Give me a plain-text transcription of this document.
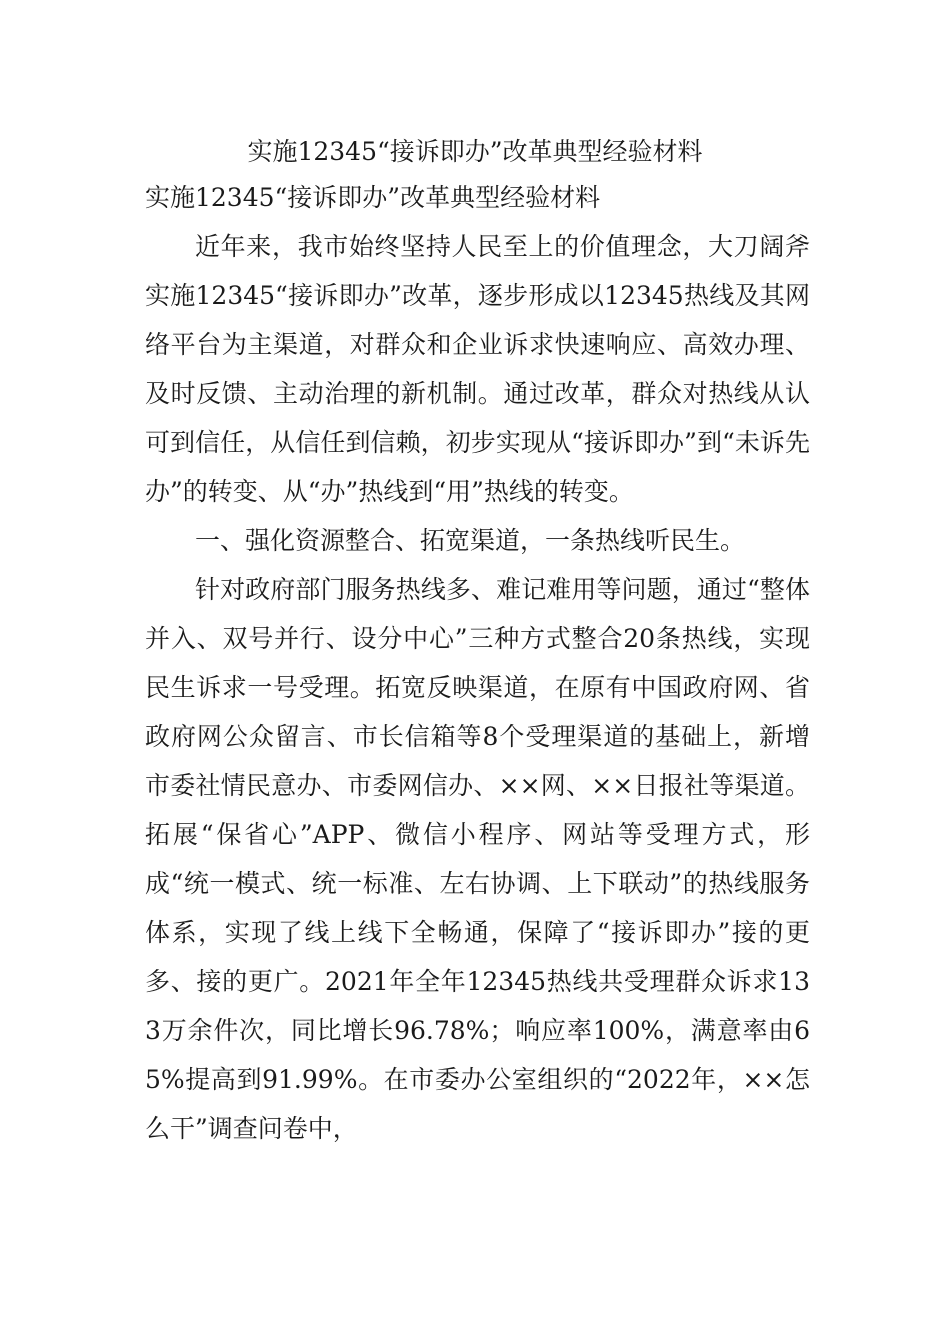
实施12345“接诉即办”改革典型经验材料

实施12345“接诉即办”改革典型经验材料

近年来，我市始终坚持人民至上的价值理念，大刀阔斧实施12345“接诉即办”改革，逐步形成以12345热线及其网络平台为主渠道，对群众和企业诉求快速响应、高效办理、及时反馈、主动治理的新机制。通过改革，群众对热线从认可到信任，从信任到信赖，初步实现从“接诉即办”到“未诉先办”的转变、从“办”热线到“用”热线的转变。

一、强化资源整合、拓宽渠道，一条热线听民生。

针对政府部门服务热线多、难记难用等问题，通过“整体并入、双号并行、设分中心”三种方式整合20条热线，实现民生诉求一号受理。拓宽反映渠道，在原有中国政府网、省政府网公众留言、市长信箱等8个受理渠道的基础上，新增市委社情民意办、市委网信办、××网、××日报社等渠道。拓展“保省心”APP、微信小程序、网站等受理方式，形成“统一模式、统一标准、左右协调、上下联动”的热线服务体系，实现了线上线下全畅通，保障了“接诉即办”接的更多、接的更广。2021年全年12345热线共受理群众诉求133万余件次，同比增长96.78%；响应率100%，满意率由65%提高到91.99%。在市委办公室组织的“2022年，××怎么干”调查问卷中，
